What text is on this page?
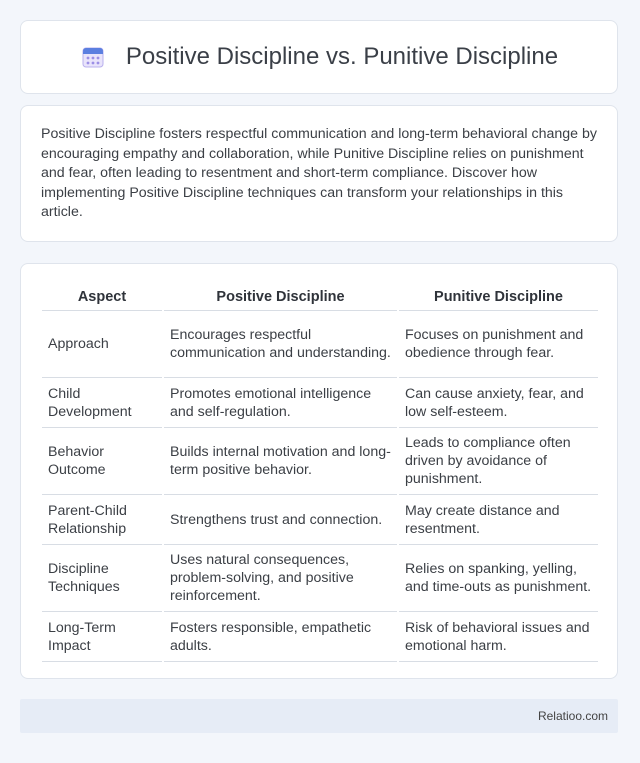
Positive Discipline vs. Punitive Discipline

Positive Discipline fosters respectful communication and long-term behavioral change by encouraging empathy and collaboration, while Punitive Discipline relies on punishment and fear, often leading to resentment and short-term compliance. Discover how implementing Positive Discipline techniques can transform your relationships in this article.

Aspect	Positive Discipline	Punitive Discipline
Approach	Encourages respectful communication and understanding.	Focuses on punishment and obedience through fear.
Child Development	Promotes emotional intelligence and self-regulation.	Can cause anxiety, fear, and low self-esteem.
Behavior Outcome	Builds internal motivation and long-term positive behavior.	Leads to compliance often driven by avoidance of punishment.
Parent-Child Relationship	Strengthens trust and connection.	May create distance and resentment.
Discipline Techniques	Uses natural consequences, problem-solving, and positive reinforcement.	Relies on spanking, yelling, and time-outs as punishment.
Long-Term Impact	Fosters responsible, empathetic adults.	Risk of behavioral issues and emotional harm.
Relatioo.com
